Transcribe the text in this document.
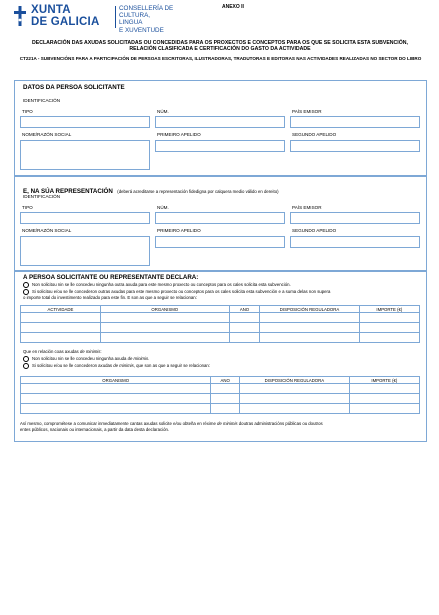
XUNTA
DE GALICIA
CONSELLERÍA DE
CULTURA, LINGUA
E XUVENTUDE
ANEXO II
DECLARACIÓN DAS AXUDAS SOLICITADAS OU CONCEDIDAS PARA OS PROXECTOS E CONCEPTOS PARA OS QUE SE SOLICITA ESTA SUBVENCIÓN, RELACIÓN CLASIFICADA E CERTIFICACIÓN DO GASTO DA ACTIVIDADE
CT221A - SUBVENCIÓNS PARA A PARTICIPACIÓN DE PERSOAS ESCRITORAS, ILUSTRADORAS, TRADUTORAS E EDITORAS NAS ACTIVIDADES REALIZADAS NO SECTOR DO LIBRO
DATOS DA PERSOA SOLICITANTE
IDENTIFICACIÓN
TIPO	NÚM.	PAÍS EMISOR
NOME/RAZÓN SOCIAL	PRIMEIRO APELIDO	SEGUNDO APELIDO
E, NA SÚA REPRESENTACIÓN (deberá acreditarse a representación fidedigna por calquera medio válido en dereito)
IDENTIFICACIÓN
TIPO	NÚM.	PAÍS EMISOR
NOME/RAZÓN SOCIAL	PRIMEIRO APELIDO	SEGUNDO APELIDO
A PERSOA SOLICITANTE OU REPRESENTANTE DECLARA:
Non solicitou nin se lle concedeu ningunha outra axuda para este mesmo proxecto ou conceptos para os cales solicita esta subvención.
Si solicitou e/ou se lle concederon outras axudas para este mesmo proxecto ou conceptos para os cales solicita esta subvención e a suma delas non supera
o importe total do investimento realizado para este fin. E son as que a seguir se relacionan:
ACTIVIDADE	ORGANISMO	ANO	DISPOSICIÓN REGULADORA	IMPORTE (€)

Que en relación coas axudas de minimis:
Non solicitou nin se lle concedeu ningunha axuda de minimis.
Si solicitou e/ou se lle concederon axudas de minimis, que son as que a seguir se relacionan:
ORGANISMO	ANO	DISPOSICIÓN REGULADORA	IMPORTE (€)

Así mesmo, comprométese a comunicar inmediatamente cantas axudas solicite e/ou obteña en réxime de minimis doutras administracións públicas ou doutros
entes públicos, nacionais ou internacionais, a partir da data desta declaración.
